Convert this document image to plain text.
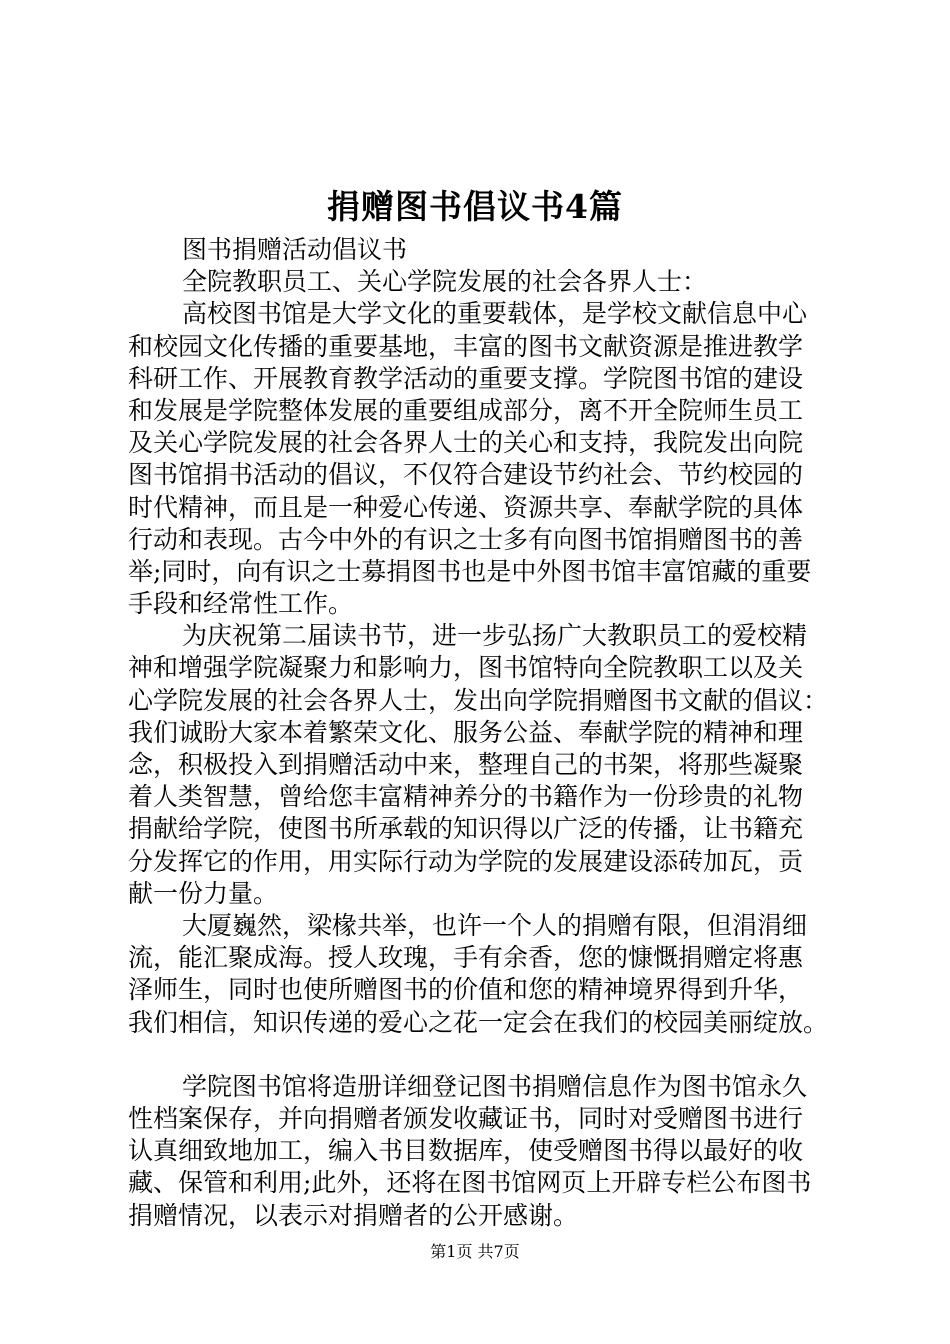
捐赠图书倡议书4篇
图书捐赠活动倡议书
全院教职员工、关心学院发展的社会各界人士：
高校图书馆是大学文化的重要载体，是学校文献信息中心
和校园文化传播的重要基地，丰富的图书文献资源是推进教学
科研工作、开展教育教学活动的重要支撑。学院图书馆的建设
和发展是学院整体发展的重要组成部分，离不开全院师生员工
及关心学院发展的社会各界人士的关心和支持，我院发出向院
图书馆捐书活动的倡议，不仅符合建设节约社会、节约校园的
时代精神，而且是一种爱心传递、资源共享、奉献学院的具体
行动和表现。古今中外的有识之士多有向图书馆捐赠图书的善
举;同时，向有识之士募捐图书也是中外图书馆丰富馆藏的重要
手段和经常性工作。
为庆祝第二届读书节，进一步弘扬广大教职员工的爱校精
神和增强学院凝聚力和影响力，图书馆特向全院教职工以及关
心学院发展的社会各界人士，发出向学院捐赠图书文献的倡议：
我们诚盼大家本着繁荣文化、服务公益、奉献学院的精神和理
念，积极投入到捐赠活动中来，整理自己的书架，将那些凝聚
着人类智慧，曾给您丰富精神养分的书籍作为一份珍贵的礼物
捐献给学院，使图书所承载的知识得以广泛的传播，让书籍充
分发挥它的作用，用实际行动为学院的发展建设添砖加瓦，贡
献一份力量。
大厦巍然，梁椽共举，也许一个人的捐赠有限，但涓涓细
流，能汇聚成海。授人玫瑰，手有余香，您的慷慨捐赠定将惠
泽师生，同时也使所赠图书的价值和您的精神境界得到升华，
我们相信，知识传递的爱心之花一定会在我们的校园美丽绽放。
学院图书馆将造册详细登记图书捐赠信息作为图书馆永久
性档案保存，并向捐赠者颁发收藏证书，同时对受赠图书进行
认真细致地加工，编入书目数据库，使受赠图书得以最好的收
藏、保管和利用;此外，还将在图书馆网页上开辟专栏公布图书
捐赠情况，以表示对捐赠者的公开感谢。
第1页 共7页
